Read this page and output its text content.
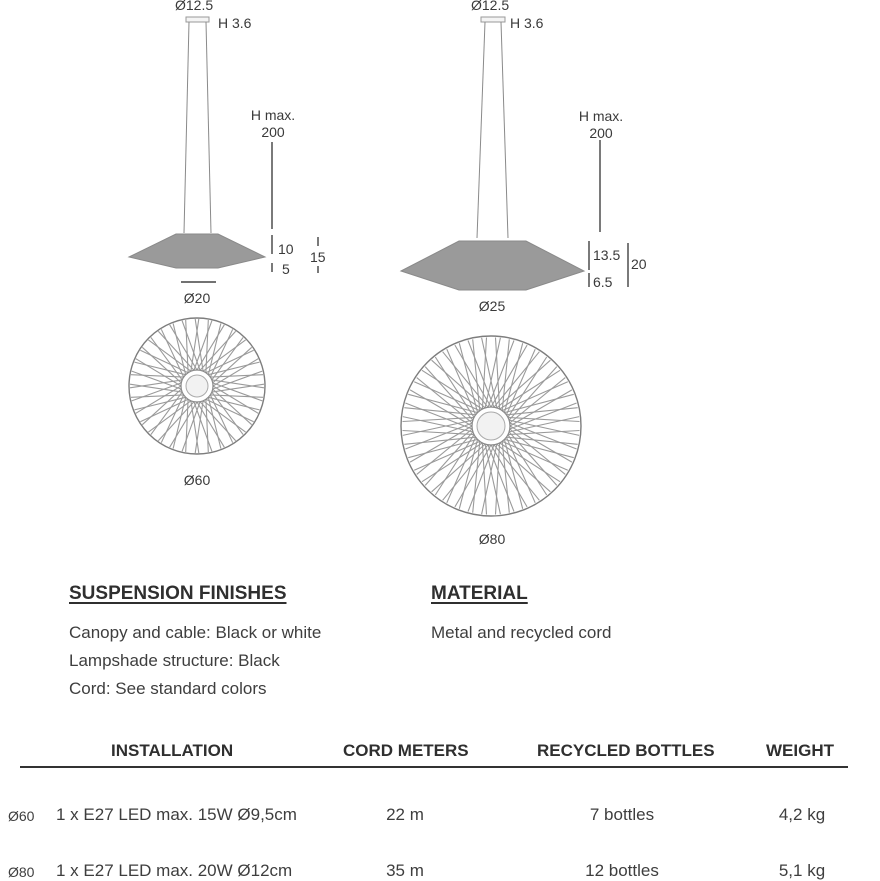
Ø12.5
H 3.6
H max.
200
10
5
15
Ø20
Ø60
Ø12.5
H 3.6
H max.
200
13.5
6.5
20
Ø25
Ø80
SUSPENSION FINISHES
Canopy and cable: Black or white
Lampshade structure: Black
Cord: See standard colors
MATERIAL
Metal and recycled cord
INSTALLATION	CORD METERS	RECYCLED BOTTLES	WEIGHT
Ø60 1 x E27 LED max. 15W Ø9,5cm	22 m	7 bottles	4,2 kg
Ø80 1 x E27 LED max. 20W Ø12cm	35 m	12 bottles	5,1 kg
